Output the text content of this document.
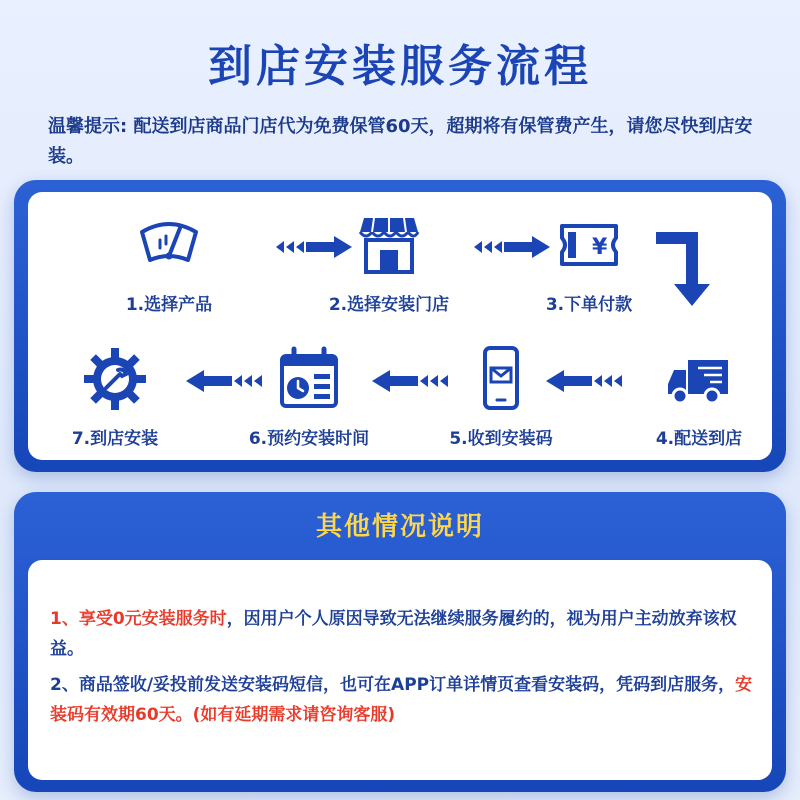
到店安装服务流程
温馨提示: 配送到店商品门店代为免费保管60天，超期将有保管费产生，请您尽快到店安装。
1.选择产品	2.选择安装门店
¥
3.下单付款
4.配送到店
5.收到安装码
6.预约安装时间
7.到店安装
其他情况说明
1、享受0元安装服务时，因用户个人原因导致无法继续服务履约的，视为用户主动放弃该权益。
2、商品签收/妥投前发送安装码短信，也可在APP订单详情页查看安装码，凭码到店服务，安装码有效期60天。(如有延期需求请咨询客服)
